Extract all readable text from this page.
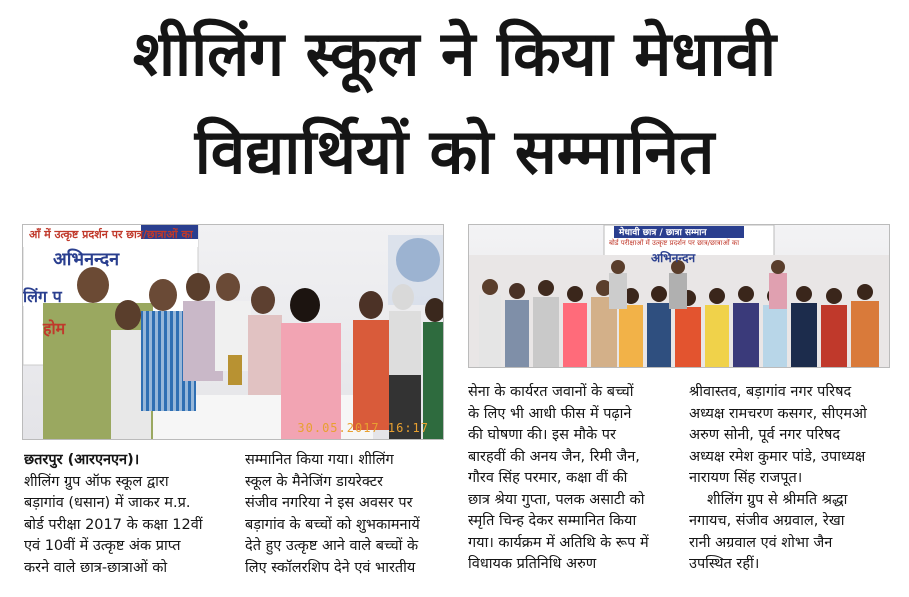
शीलिंग स्कूल ने किया मेधावी
विद्यार्थियों को सम्मानित
आँ में उत्कृष्ट प्रदर्शन पर छात्र/छात्राओं का
अभिनन्दन
लिंग प
होम
30.05.2017 16:17
मेधावी छात्र / छात्रा सम्मान
बोर्ड परीक्षाओं में उत्कृष्ट प्रदर्शन पर छात्र/छात्राओं का
अभिनन्दन
छतरपुर (आरएनएन)।
शीलिंग ग्रुप ऑफ स्कूल द्वारा
बड़ागांव (धसान) में जाकर म.प्र.
बोर्ड परीक्षा 2017 के कक्षा 12वीं
एवं 10वीं में उत्कृष्ट अंक प्राप्त
करने वाले छात्र-छात्राओं को
सम्मानित किया गया। शीलिंग
स्कूल के मैनेजिंग डायरेक्टर
संजीव नगरिया ने इस अवसर पर
बड़ागांव के बच्चों को शुभकामनायें
देते हुए उत्कृष्ट आने वाले बच्चों के
लिए स्कॉलरशिप देने एवं भारतीय
सेना के कार्यरत जवानों के बच्चों
के लिए भी आधी फीस में पढ़ाने
की घोषणा की। इस मौके पर
बारहवीं की अनय जैन, रिमी जैन,
गौरव सिंह परमार, कक्षा वीं की
छात्र श्रेया गुप्ता, पलक असाटी को
स्मृति चिन्ह देकर सम्मानित किया
गया। कार्यक्रम में अतिथि के रूप में
विधायक प्रतिनिधि अरुण
श्रीवास्तव, बड़ागांव नगर परिषद
अध्यक्ष रामचरण कसगर, सीएमओ
अरुण सोनी, पूर्व नगर परिषद
अध्यक्ष रमेश कुमार पांडे, उपाध्यक्ष
नारायण सिंह राजपूत।
शीलिंग ग्रुप से श्रीमति श्रद्धा
नगायच, संजीव अग्रवाल, रेखा
रानी अग्रवाल एवं शोभा जैन
उपस्थित रहीं।
